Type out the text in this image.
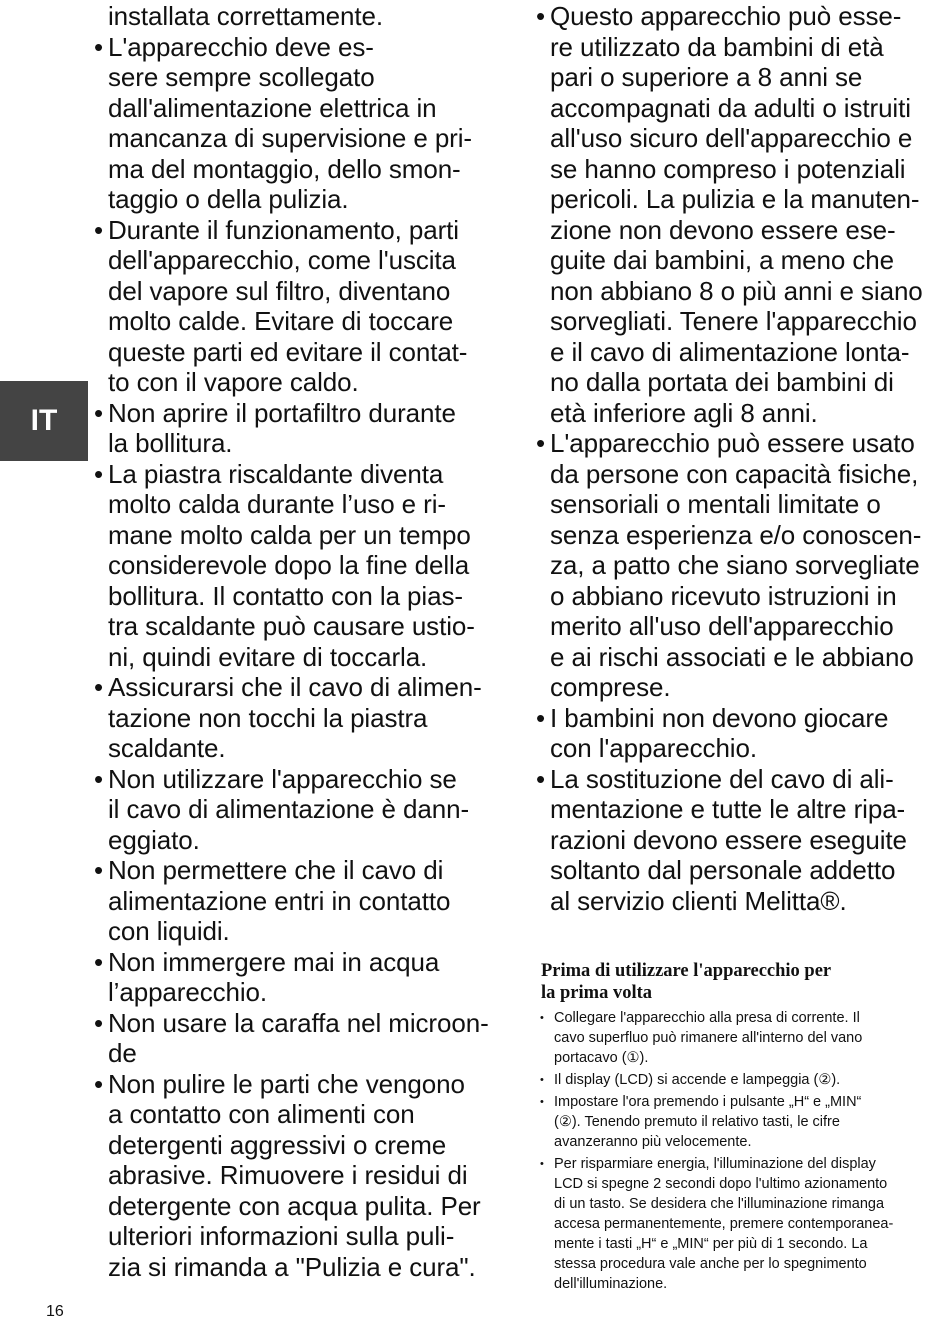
IT

installata correttamente.

• L'apparecchio deve es-
sere sempre scollegato
dall'alimentazione elettrica in
mancanza di supervisione e pri-
ma del montaggio, dello smon-
taggio o della pulizia.
• Durante il funzionamento, parti
dell'apparecchio, come l'uscita
del vapore sul filtro, diventano
molto calde. Evitare di toccare
queste parti ed evitare il contat-
to con il vapore caldo.
• Non aprire il portafiltro durante
la bollitura.
• La piastra riscaldante diventa
molto calda durante l’uso e ri-
mane molto calda per un tempo
considerevole dopo la fine della
bollitura. Il contatto con la pias-
tra scaldante può causare ustio-
ni, quindi evitare di toccarla.
• Assicurarsi che il cavo di alimen-
tazione non tocchi la piastra
scaldante.
• Non utilizzare l'apparecchio se
il cavo di alimentazione è dann-
eggiato.
• Non permettere che il cavo di
alimentazione entri in contatto
con liquidi.
• Non immergere mai in acqua
l’apparecchio.
• Non usare la caraffa nel microon-
de
• Non pulire le parti che vengono
a contatto con alimenti con
detergenti aggressivi o creme
abrasive. Rimuovere i residui di
detergente con acqua pulita. Per
ulteriori informazioni sulla puli-
zia si rimanda a "Pulizia e cura".
• Questo apparecchio può esse-
re utilizzato da bambini di età
pari o superiore a 8 anni se
accompagnati da adulti o istruiti
all'uso sicuro dell'apparecchio e
se hanno compreso i potenziali
pericoli. La pulizia e la manuten-
zione non devono essere ese-
guite dai bambini, a meno che
non abbiano 8 o più anni e siano
sorvegliati. Tenere l'apparecchio
e il cavo di alimentazione lonta-
no dalla portata dei bambini di
età inferiore agli 8 anni.
• L'apparecchio può essere usato
da persone con capacità fisiche,
sensoriali o mentali limitate o
senza esperienza e/o conoscen-
za, a patto che siano sorvegliate
o abbiano ricevuto istruzioni in
merito all'uso dell'apparecchio
e ai rischi associati e le abbiano
comprese.
• I bambini non devono giocare
con l'apparecchio.
• La sostituzione del cavo di ali-
mentazione e tutte le altre ripa-
razioni devono essere eseguite
soltanto dal personale addetto
al servizio clienti Melitta®.

Prima di utilizzare l'apparecchio per
la prima volta

• Collegare l'apparecchio alla presa di corrente. Il
cavo superfluo può rimanere all'interno del vano
portacavo (①).
• Il display (LCD) si accende e lampeggia (②).
• Impostare l'ora premendo i pulsante „H“ e „MIN“
(②). Tenendo premuto il relativo tasti, le cifre
avanzeranno più velocemente.
• Per risparmiare energia, l'illuminazione del display
LCD si spegne 2 secondi dopo l'ultimo azionamento
di un tasto. Se desidera che l'illuminazione rimanga
accesa permanentemente, premere contemporanea-
mente i tasti „H“ e „MIN“ per più di 1 secondo. La
stessa procedura vale anche per lo spegnimento
dell'illuminazione.
16
